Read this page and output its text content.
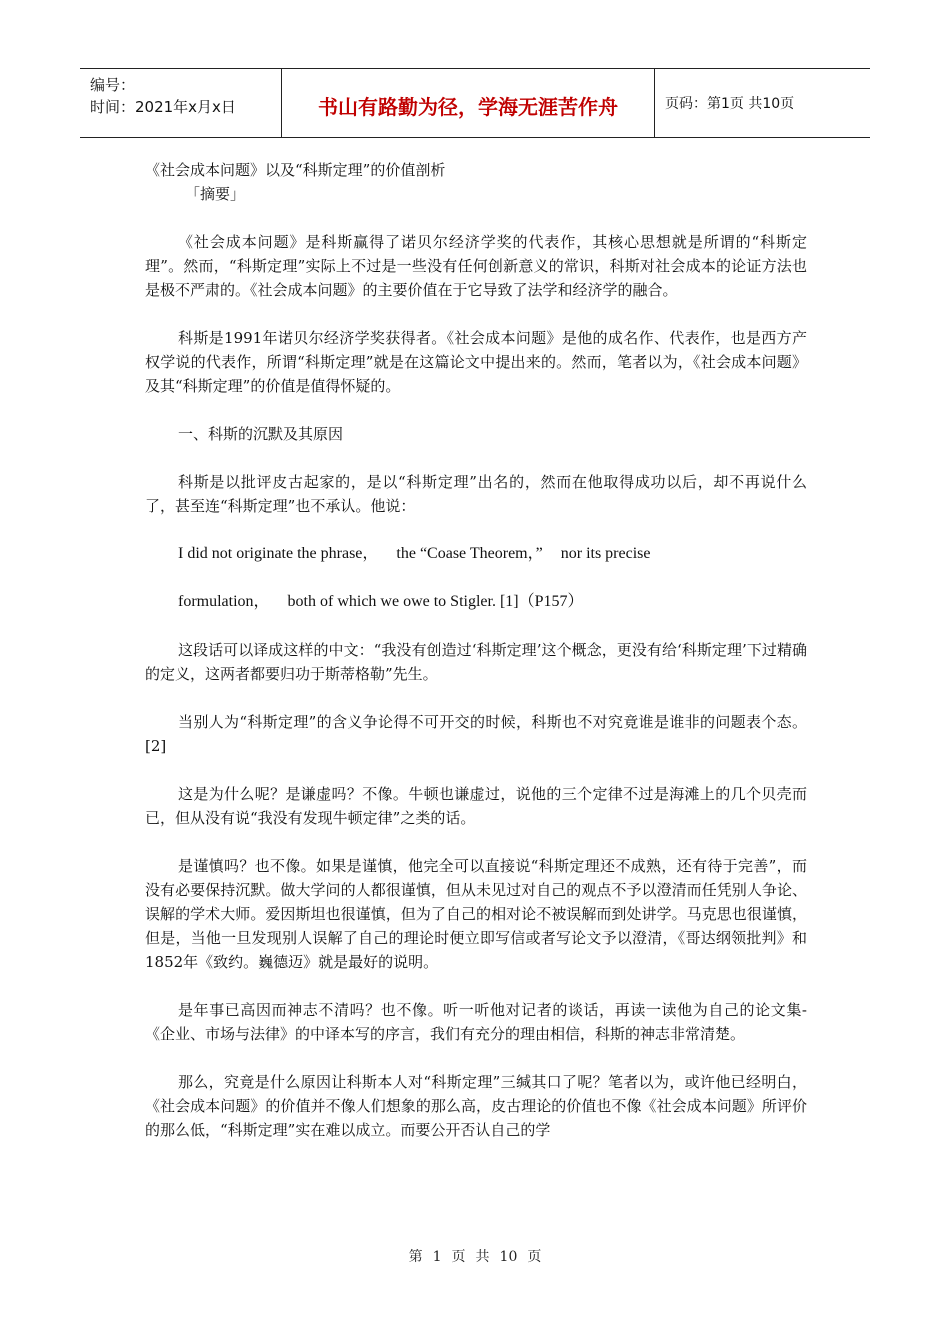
编号：
时间：2021年x月x日	书山有路勤为径，学海无涯苦作舟	页码：第1页 共10页

《社会成本问题》以及“科斯定理”的价值剖析

「摘要」

《社会成本问题》是科斯赢得了诺贝尔经济学奖的代表作，其核心思想就是所谓的“科斯定理”。然而，“科斯定理”实际上不过是一些没有任何创新意义的常识，科斯对社会成本的论证方法也是极不严肃的。《社会成本问题》的主要价值在于它导致了法学和经济学的融合。

科斯是1991年诺贝尔经济学奖获得者。《社会成本问题》是他的成名作、代表作，也是西方产权学说的代表作，所谓“科斯定理”就是在这篇论文中提出来的。然而，笔者以为，《社会成本问题》及其“科斯定理”的价值是值得怀疑的。

一、科斯的沉默及其原因

科斯是以批评皮古起家的，是以“科斯定理”出名的，然而在他取得成功以后，却不再说什么了，甚至连“科斯定理”也不承认。他说：

I did not originate the phrase， the “Coase Theorem，” nor its precise

formulation， both of which we owe to Stigler. [1]（P157）

这段话可以译成这样的中文：“我没有创造过‘科斯定理’这个概念，更没有给‘科斯定理’下过精确的定义，这两者都要归功于斯蒂格勒”先生。

当别人为“科斯定理”的含义争论得不可开交的时候，科斯也不对究竟谁是谁非的问题表个态。[2]

这是为什么呢？是谦虚吗？不像。牛顿也谦虚过，说他的三个定律不过是海滩上的几个贝壳而已，但从没有说“我没有发现牛顿定律”之类的话。

是谨慎吗？也不像。如果是谨慎，他完全可以直接说“科斯定理还不成熟，还有待于完善”，而没有必要保持沉默。做大学问的人都很谨慎，但从未见过对自己的观点不予以澄清而任凭别人争论、误解的学术大师。爱因斯坦也很谨慎，但为了自己的相对论不被误解而到处讲学。马克思也很谨慎，但是，当他一旦发现别人误解了自己的理论时便立即写信或者写论文予以澄清，《哥达纲领批判》和1852年《致约。巍德迈》就是最好的说明。

是年事已高因而神志不清吗？也不像。听一听他对记者的谈话，再读一读他为自己的论文集-《企业、市场与法律》的中译本写的序言，我们有充分的理由相信，科斯的神志非常清楚。

那么，究竟是什么原因让科斯本人对“科斯定理”三缄其口了呢？笔者以为，或许他已经明白，《社会成本问题》的价值并不像人们想象的那么高，皮古理论的价值也不像《社会成本问题》所评价的那么低，“科斯定理”实在难以成立。而要公开否认自己的学

第 1 页 共 10 页
